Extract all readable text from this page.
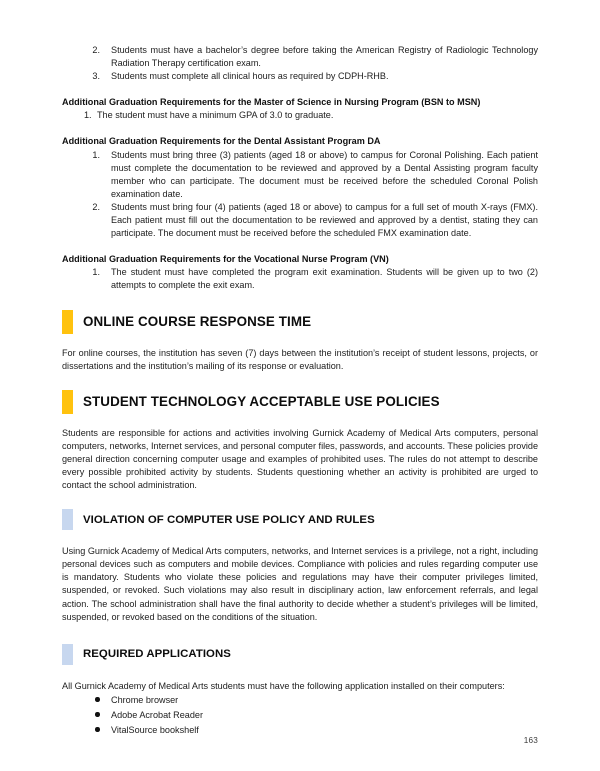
2. Students must have a bachelor’s degree before taking the American Registry of Radiologic Technology Radiation Therapy certification exam.
3. Students must complete all clinical hours as required by CDPH-RHB.
Additional Graduation Requirements for the Master of Science in Nursing Program (BSN to MSN)
1. The student must have a minimum GPA of 3.0 to graduate.
Additional Graduation Requirements for the Dental Assistant Program DA
1. Students must bring three (3) patients (aged 18 or above) to campus for Coronal Polishing. Each patient must complete the documentation to be reviewed and approved by a Dental Assisting program faculty member who can participate. The document must be received before the scheduled Coronal Polish examination date.
2. Students must bring four (4) patients (aged 18 or above) to campus for a full set of mouth X-rays (FMX). Each patient must fill out the documentation to be reviewed and approved by a dentist, stating they can participate. The document must be received before the scheduled FMX examination date.
Additional Graduation Requirements for the Vocational Nurse Program (VN)
1. The student must have completed the program exit examination. Students will be given up to two (2) attempts to complete the exit exam.
ONLINE COURSE RESPONSE TIME

For online courses, the institution has seven (7) days between the institution’s receipt of student lessons, projects, or dissertations and the institution’s mailing of its response or evaluation.

STUDENT TECHNOLOGY ACCEPTABLE USE POLICIES

Students are responsible for actions and activities involving Gurnick Academy of Medical Arts computers, personal computers, networks, Internet services, and personal computer files, passwords, and accounts. These policies provide general direction concerning computer usage and examples of prohibited uses. The rules do not attempt to describe every possible prohibited activity by students. Students questioning whether an activity is prohibited are urged to contact the school administration.

VIOLATION OF COMPUTER USE POLICY AND RULES

Using Gurnick Academy of Medical Arts computers, networks, and Internet services is a privilege, not a right, including personal devices such as computers and mobile devices. Compliance with policies and rules regarding computer use is mandatory. Students who violate these policies and regulations may have their computer privileges limited, suspended, or revoked. Such violations may also result in disciplinary action, law enforcement referrals, and legal action. The school administration shall have the final authority to decide whether a student’s privileges will be limited, suspended, or revoked based on the conditions of the situation.

REQUIRED APPLICATIONS

All Gurnick Academy of Medical Arts students must have the following application installed on their computers:

Chrome browser
Adobe Acrobat Reader
VitalSource bookshelf
163
